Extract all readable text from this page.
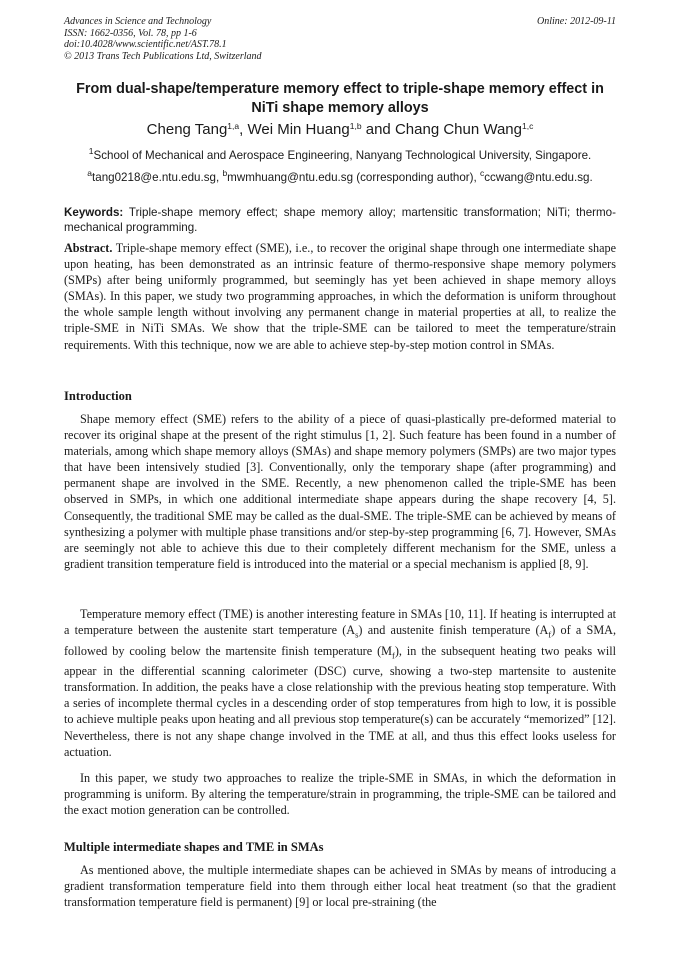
Advances in Science and Technology
ISSN: 1662-0356, Vol. 78, pp 1-6
doi:10.4028/www.scientific.net/AST.78.1
© 2013 Trans Tech Publications Ltd, Switzerland
Online: 2012-09-11
From dual-shape/temperature memory effect to triple-shape memory effect in NiTi shape memory alloys
Cheng Tang$^{1,a}$, Wei Min Huang$^{1,b}$ and Chang Chun Wang$^{1,c}$
$^1$School of Mechanical and Aerospace Engineering, Nanyang Technological University, Singapore.
$^a$tang0218@e.ntu.edu.sg, $^b$mwmhuang@ntu.edu.sg (corresponding author), $^c$ccwang@ntu.edu.sg.
Keywords: Triple-shape memory effect; shape memory alloy; martensitic transformation; NiTi; thermo-mechanical programming.
Abstract. Triple-shape memory effect (SME), i.e., to recover the original shape through one intermediate shape upon heating, has been demonstrated as an intrinsic feature of thermo-responsive shape memory polymers (SMPs) after being uniformly programmed, but seemingly has yet been achieved in shape memory alloys (SMAs). In this paper, we study two programming approaches, in which the deformation is uniform throughout the whole sample length without involving any permanent change in material properties at all, to realize the triple-SME in NiTi SMAs. We show that the triple-SME can be tailored to meet the temperature/strain requirements. With this technique, now we are able to achieve step-by-step motion control in SMAs.
Introduction

Shape memory effect (SME) refers to the ability of a piece of quasi-plastically pre-deformed material to recover its original shape at the present of the right stimulus [1, 2]. Such feature has been found in a number of materials, among which shape memory alloys (SMAs) and shape memory polymers (SMPs) are two major types that have been intensively studied [3]. Conventionally, only the temporary shape (after programming) and permanent shape are involved in the SME. Recently, a new phenomenon called the triple-SME has been observed in SMPs, in which one additional intermediate shape appears during the shape recovery [4, 5]. Consequently, the traditional SME may be called as the dual-SME. The triple-SME can be achieved by means of synthesizing a polymer with multiple phase transitions and/or step-by-step programming [6, 7]. However, SMAs are seemingly not able to achieve this due to their completely different mechanism for the SME, unless a gradient transition temperature field is introduced into the material or a special mechanism is applied [8, 9].

Temperature memory effect (TME) is another interesting feature in SMAs [10, 11]. If heating is interrupted at a temperature between the austenite start temperature $(A_s)$ and austenite finish temperature $(A_f)$ of a SMA, followed by cooling below the martensite finish temperature $(M_f)$, in the subsequent heating two peaks will appear in the differential scanning calorimeter (DSC) curve, showing a two-step martensite to austenite transformation. In addition, the peaks have a close relationship with the previous heating stop temperature. With a series of incomplete thermal cycles in a descending order of stop temperatures from high to low, it is possible to achieve multiple peaks upon heating and all previous stop temperature(s) can be accurately “memorized” [12]. Nevertheless, there is not any shape change involved in the TME at all, and thus this effect looks useless for actuation.

In this paper, we study two approaches to realize the triple-SME in SMAs, in which the deformation in programming is uniform. By altering the temperature/strain in programming, the triple-SME can be tailored and the exact motion generation can be controlled.

Multiple intermediate shapes and TME in SMAs

As mentioned above, the multiple intermediate shapes can be achieved in SMAs by means of introducing a gradient transformation temperature field into them through either local heat treatment (so that the gradient transformation temperature field is permanent) [9] or local pre-straining (the
